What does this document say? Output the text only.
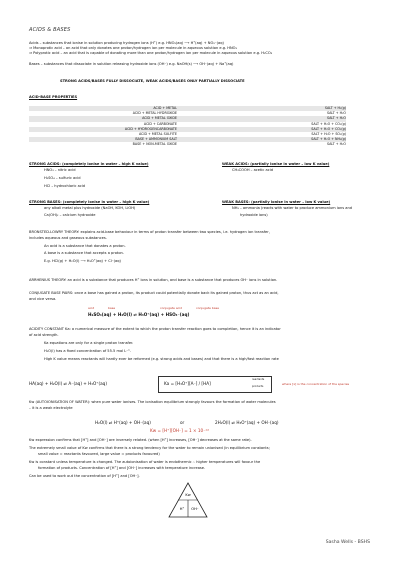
ACIDS & BASES
Acids – substances that ionise in solution producing hydrogen ions (H⁺) e.g. HNO₃(aq) ⟶ H⁺(aq) + NO₃⁻(aq)
⇒ Monoprotic acid – an acid that only donates one proton/hydrogen ion per molecule in aqueous solution e.g. HNO₃
⇒ Polyprotic acid – an acid that is capable of donating more than one proton/hydrogen ion per molecule in aqueous solution e.g. H₂CO₃
Bases – substances that dissociate in solution releasing hydroxide ions (OH⁻) e.g. NaOH(s) ⟶ OH⁻(aq) + Na⁺(aq)
STRONG ACIDS/BASES FULLY DISSOCIATE, WEAK ACIDS/BASES ONLY PARTIALLY DISSOCIATE
ACID-BASE PROPERTIES
ACID + METAL	SALT + H₂(g)
ACID + METAL HYDROXIDE	SALT + H₂O
ACID + METAL OXIDE	SALT + H₂O
ACID + CARBONATE	SALT + H₂O + CO₂(g)
ACID + HYDROGENCARBONATE	SALT + H₂O + CO₂(g)
ACID + METAL SULFITE	SALT + H₂O + SO₂(g)
BASE + AMMONIUM SALT	SALT + H₂O + NH₃(g)
BASE + NON-METAL OXIDE	SALT + H₂O
STRONG ACIDS: (completely ionise in water – high K value)
HNO₃ – nitric acid
H₂SO₄ – sulfuric acid
HCl – hydrochloric acid
WEAK ACIDS: (partially ionise in water – low K value)
CH₃COOH – acetic acid
STRONG BASES: (completely ionise in water – high K value)
any alkali metal plus hydroxide (NaOH, KOH, LiOH)
Ca(OH)₂ – calcium hydroxide
WEAK BASES: (partially ionise in water – low K value)
NH₃ – ammonia (reacts with water to produce ammonium ions and
hydroxide ions)
BRONSTED-LOWRY THEORY: explains acid-base behaviour in terms of proton transfer between two species, i.e. hydrogen ion transfer,
includes aqueous and gaseous substances.
An acid is a substance that donates a proton.
A base is a substance that accepts a proton.
E.g. HCl(g) + H₂O(l) ⟶ H₃O⁺(aq) + Cl⁻(aq)
ARRHENIUS THEORY: an acid is a substance that produces H⁺ ions in solution, and base is a substance that produces OH⁻ ions in solution.
CONJUGATE BASE PAIRS: once a base has gained a proton, its product could potentially donate back its gained proton, thus act as an acid,
and vice versa.
acid	base	conjugate acid	conjugate base
H₂SO₄(aq) + H₂O(l) ⇌ H₃O⁺(aq) + HSO₄⁻(aq)
ACIDITY CONSTANT Ka: a numerical measure of the extent to which the proton transfer reaction goes to completion, hence it is an indicator
of acid strength.
Ka equations are only for a single proton transfer.
H₂O(l) has a fixed concentration of 55.5 mol L⁻¹.
High K value means reactants will hardly ever be reformed (e.g. strong acids and bases) and that there is a high/fast reaction rate
HA(aq) + H₂O(l) ⇌ A⁻(aq) + H₃O⁺(aq)	Ka = [H₃O⁺][A⁻] / [HA]
reactants
products
where [x] is the concentration of the species
Kw (AUTOIONISATION OF WATER): when pure water ionises. The ionisation equilibrium strongly favours the formation of water molecules
– it is a weak electrolyte
H₂O(l) ⇌ H⁺(aq) + OH⁻(aq)	or	2H₂O(l) ⇌ H₃O⁺(aq) + OH⁻(aq)
Kw = [H⁺][OH⁻] = 1 × 10⁻¹⁴
Kw expression confirms that [H⁺] and [OH⁻] are inversely related. (when [H⁺] increases, [OH⁻] decreases at the same rate).
The extremely small value of Kw confirms that there is a strong tendency for the water to remain unionised (in equilibrium constants;
small value = reactants favoured, large value = products favoured)
Kw is constant unless temperature is changed. The autoionisation of water is endothermic ∴ higher temperatures will favour the
formation of products. Concentration of [H⁺] and [OH⁻] increases with temperature increase.
Can be used to work out the concentration of [H⁺] and [OH⁻].
Kw
H⁺ OH⁻
Sasha Wells - BSHS
